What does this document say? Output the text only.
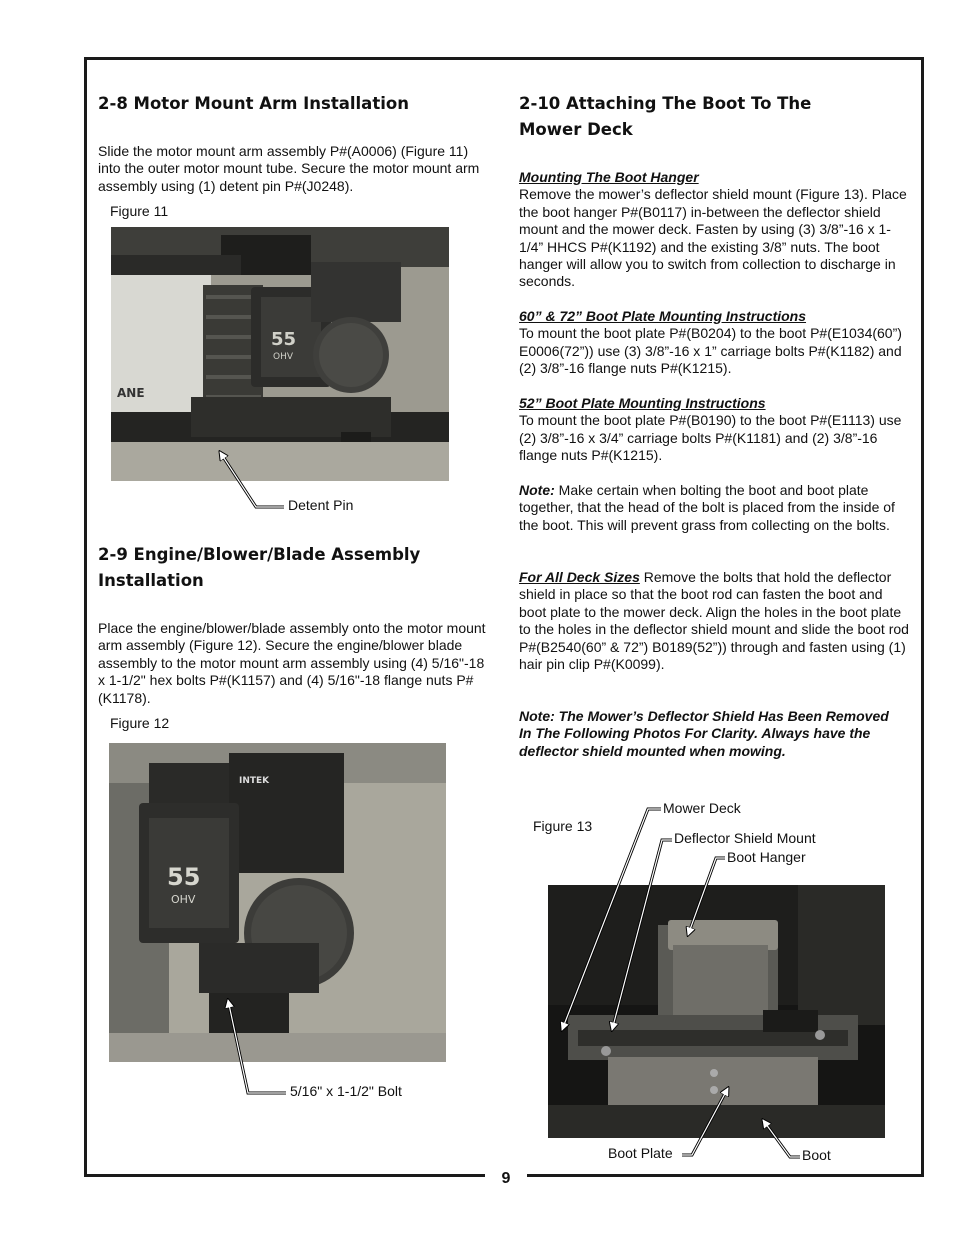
9
2-8 Motor Mount Arm Installation
Slide the motor mount arm assembly P#(A0006) (Figure 11) into the outer motor mount tube. Secure the motor mount arm assembly using (1) detent pin P#(J0248).
Figure 11
55
OHV
ANE
Detent Pin
2-9 Engine/Blower/Blade Assembly
Installation
Place the engine/blower/blade assembly onto the motor mount arm assembly (Figure 12). Secure the engine/blower blade assembly to the motor mount arm assembly using (4) 5/16"-18 x 1-1/2" hex bolts P#(K1157) and (4) 5/16"-18 flange nuts P#(K1178).
Figure 12
INTEK
55
OHV
5/16" x 1-1/2" Bolt
2-10 Attaching The Boot To The
Mower Deck
Mounting The Boot Hanger
Remove the mower’s deflector shield mount (Figure 13). Place the boot hanger P#(B0117) in-between the deflector shield mount and the mower deck. Fasten by using (3) 3/8”-16 x 1-1/4” HHCS P#(K1192) and the existing 3/8” nuts. The boot hanger will allow you to switch from collection to discharge in seconds.
60” & 72” Boot Plate Mounting Instructions
To mount the boot plate P#(B0204) to the boot P#(E1034(60”) E0006(72”)) use (3) 3/8”-16 x 1” carriage bolts P#(K1182) and (2) 3/8”-16 flange nuts P#(K1215).
52” Boot Plate Mounting Instructions
To mount the boot plate P#(B0190) to the boot P#(E1113) use (2) 3/8”-16 x 3/4” carriage bolts P#(K1181) and (2) 3/8”-16 flange nuts P#(K1215).
Note: Make certain when bolting the boot and boot plate together, that the head of the bolt is placed from the inside of the boot. This will prevent grass from collecting on the bolts.
For All Deck Sizes Remove the bolts that hold the deflector shield in place so that the boot rod can fasten the boot and boot plate to the mower deck. Align the holes in the boot plate to the holes in the deflector shield mount and slide the boot rod P#(B2540(60” & 72”) B0189(52”)) through and fasten using (1) hair pin clip P#(K0099).
Note: The Mower’s Deflector Shield Has Been Removed In The Following Photos For Clarity. Always have the deflector shield mounted when mowing.
Figure 13
Mower Deck
Deflector Shield Mount
Boot Hanger
Boot Plate	Boot
